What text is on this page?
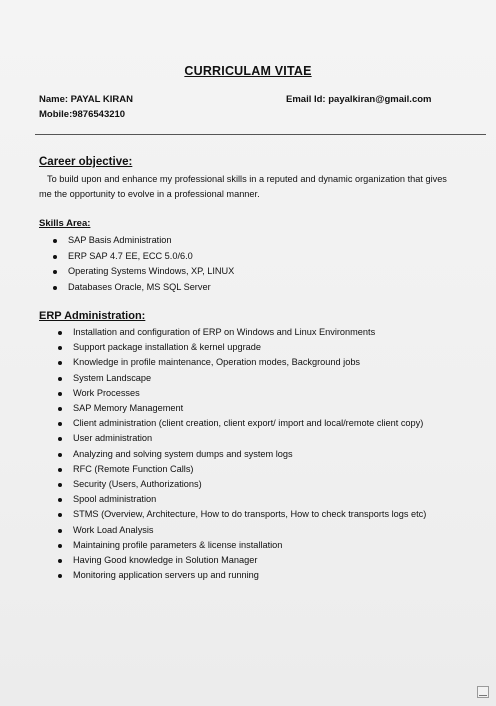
CURRICULAM VITAE
Name: PAYAL KIRAN
Mobile:9876543210
Email Id: payalkiran@gmail.com
Career objective:
To build upon and enhance my professional skills in a reputed and dynamic organization that gives me the opportunity to evolve in a professional manner.
Skills Area:
SAP Basis Administration
ERP SAP 4.7 EE, ECC 5.0/6.0
Operating Systems Windows, XP, LINUX
Databases Oracle, MS SQL Server
ERP Administration:
Installation and configuration of ERP on Windows and Linux Environments
Support package installation & kernel upgrade
Knowledge in profile maintenance, Operation modes, Background jobs
System Landscape
Work Processes
SAP Memory Management
Client administration (client creation, client export/ import and local/remote client copy)
User administration
Analyzing and solving system dumps and system logs
RFC (Remote Function Calls)
Security (Users, Authorizations)
Spool administration
STMS (Overview, Architecture, How to do transports, How to check transports logs etc)
Work Load Analysis
Maintaining profile parameters & license installation
Having Good knowledge in Solution Manager
Monitoring application servers up and running
